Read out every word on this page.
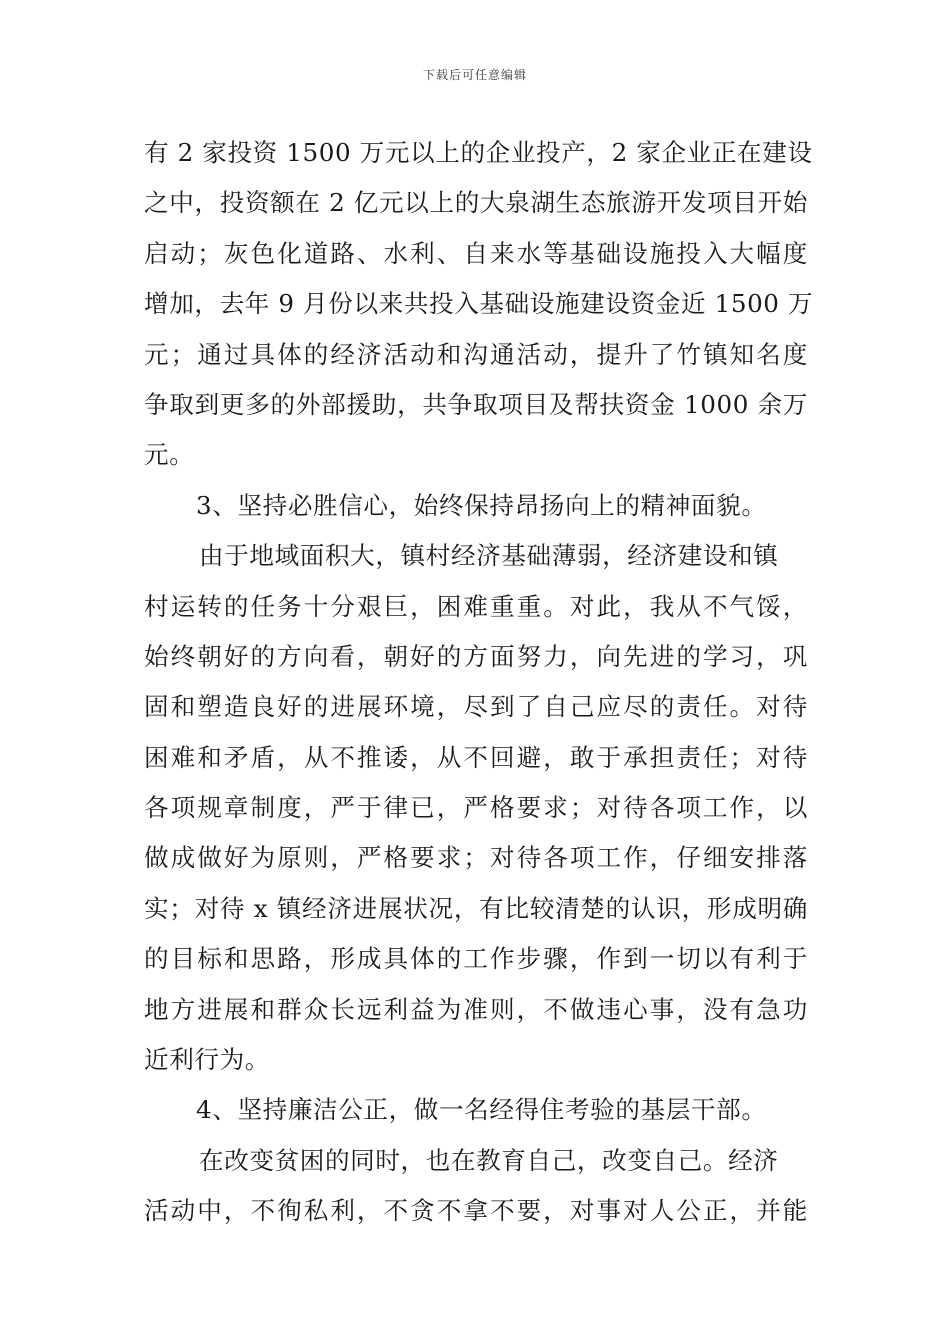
下载后可任意编辑
有 2 家投资 1500 万元以上的企业投产，2 家企业正在建设
之中，投资额在 2 亿元以上的大泉湖生态旅游开发项目开始
启动；灰色化道路、水利、自来水等基础设施投入大幅度
增加，去年 9 月份以来共投入基础设施建设资金近 1500 万
元；通过具体的经济活动和沟通活动，提升了竹镇知名度
争取到更多的外部援助，共争取项目及帮扶资金 1000 余万
元。
3、坚持必胜信心，始终保持昂扬向上的精神面貌。
由于地域面积大，镇村经济基础薄弱，经济建设和镇
村运转的任务十分艰巨，困难重重。对此，我从不气馁，
始终朝好的方向看，朝好的方面努力，向先进的学习，巩
固和塑造良好的进展环境，尽到了自己应尽的责任。对待
困难和矛盾，从不推诿，从不回避，敢于承担责任；对待
各项规章制度，严于律已，严格要求；对待各项工作，以
做成做好为原则，严格要求；对待各项工作，仔细安排落
实；对待 x 镇经济进展状况，有比较清楚的认识，形成明确
的目标和思路，形成具体的工作步骤，作到一切以有利于
地方进展和群众长远利益为准则，不做违心事，没有急功
近利行为。
4、坚持廉洁公正，做一名经得住考验的基层干部。
在改变贫困的同时，也在教育自己，改变自己。经济
活动中，不徇私利，不贪不拿不要，对事对人公正，并能
